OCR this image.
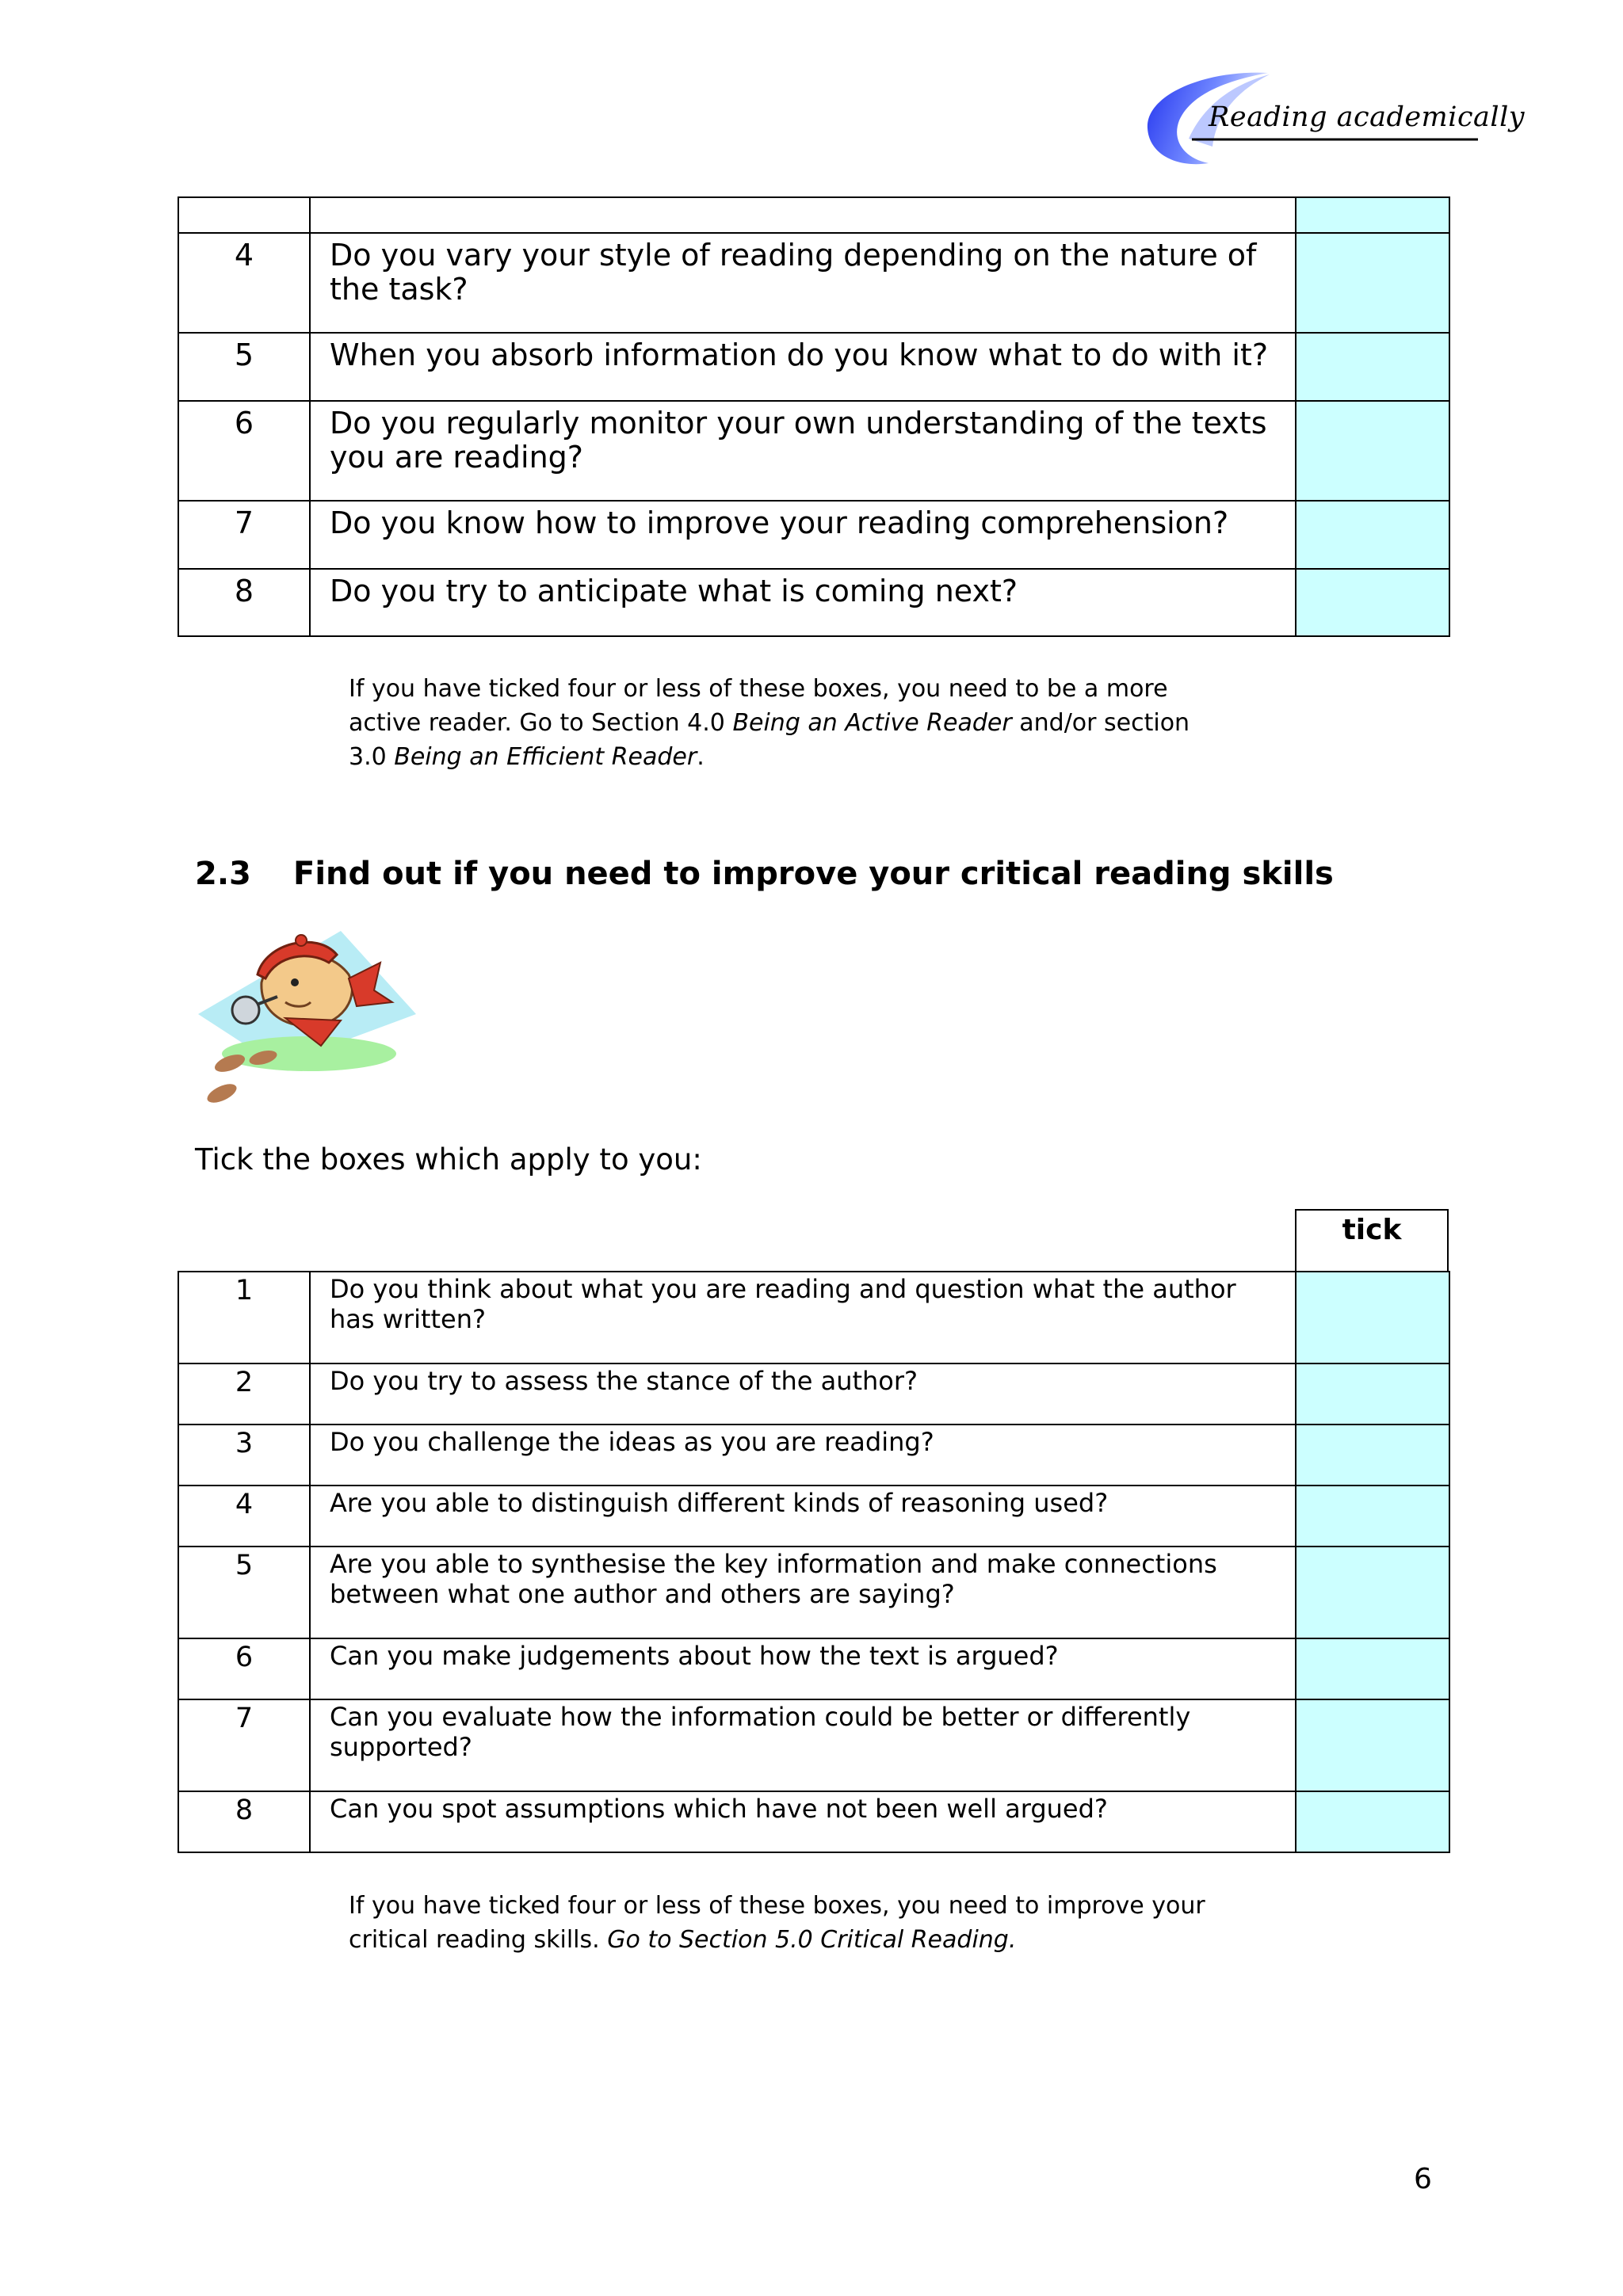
Reading academically

4	Do you vary your style of reading depending on the nature of the task?	
5	When you absorb information do you know what to do with it?	
6	Do you regularly monitor your own understanding of the texts you are reading?	
7	Do you know how to improve your reading comprehension?	
8	Do you try to anticipate what is coming next?	
If you have ticked four or less of these boxes, you need to be a more
active reader. Go to Section 4.0 Being an Active Reader and/or section
3.0 Being an Efficient Reader.
2.3 Find out if you need to improve your critical reading skills
Tick the boxes which apply to you:
tick
1	Do you think about what you are reading and question what the author has written?	
2	Do you try to assess the stance of the author?	
3	Do you challenge the ideas as you are reading?	
4	Are you able to distinguish different kinds of reasoning used?	
5	Are you able to synthesise the key information and make connections between what one author and others are saying?	
6	Can you make judgements about how the text is argued?	
7	Can you evaluate how the information could be better or differently supported?	
8	Can you spot assumptions which have not been well argued?	
If you have ticked four or less of these boxes, you need to improve your
critical reading skills. Go to Section 5.0 Critical Reading.
6
